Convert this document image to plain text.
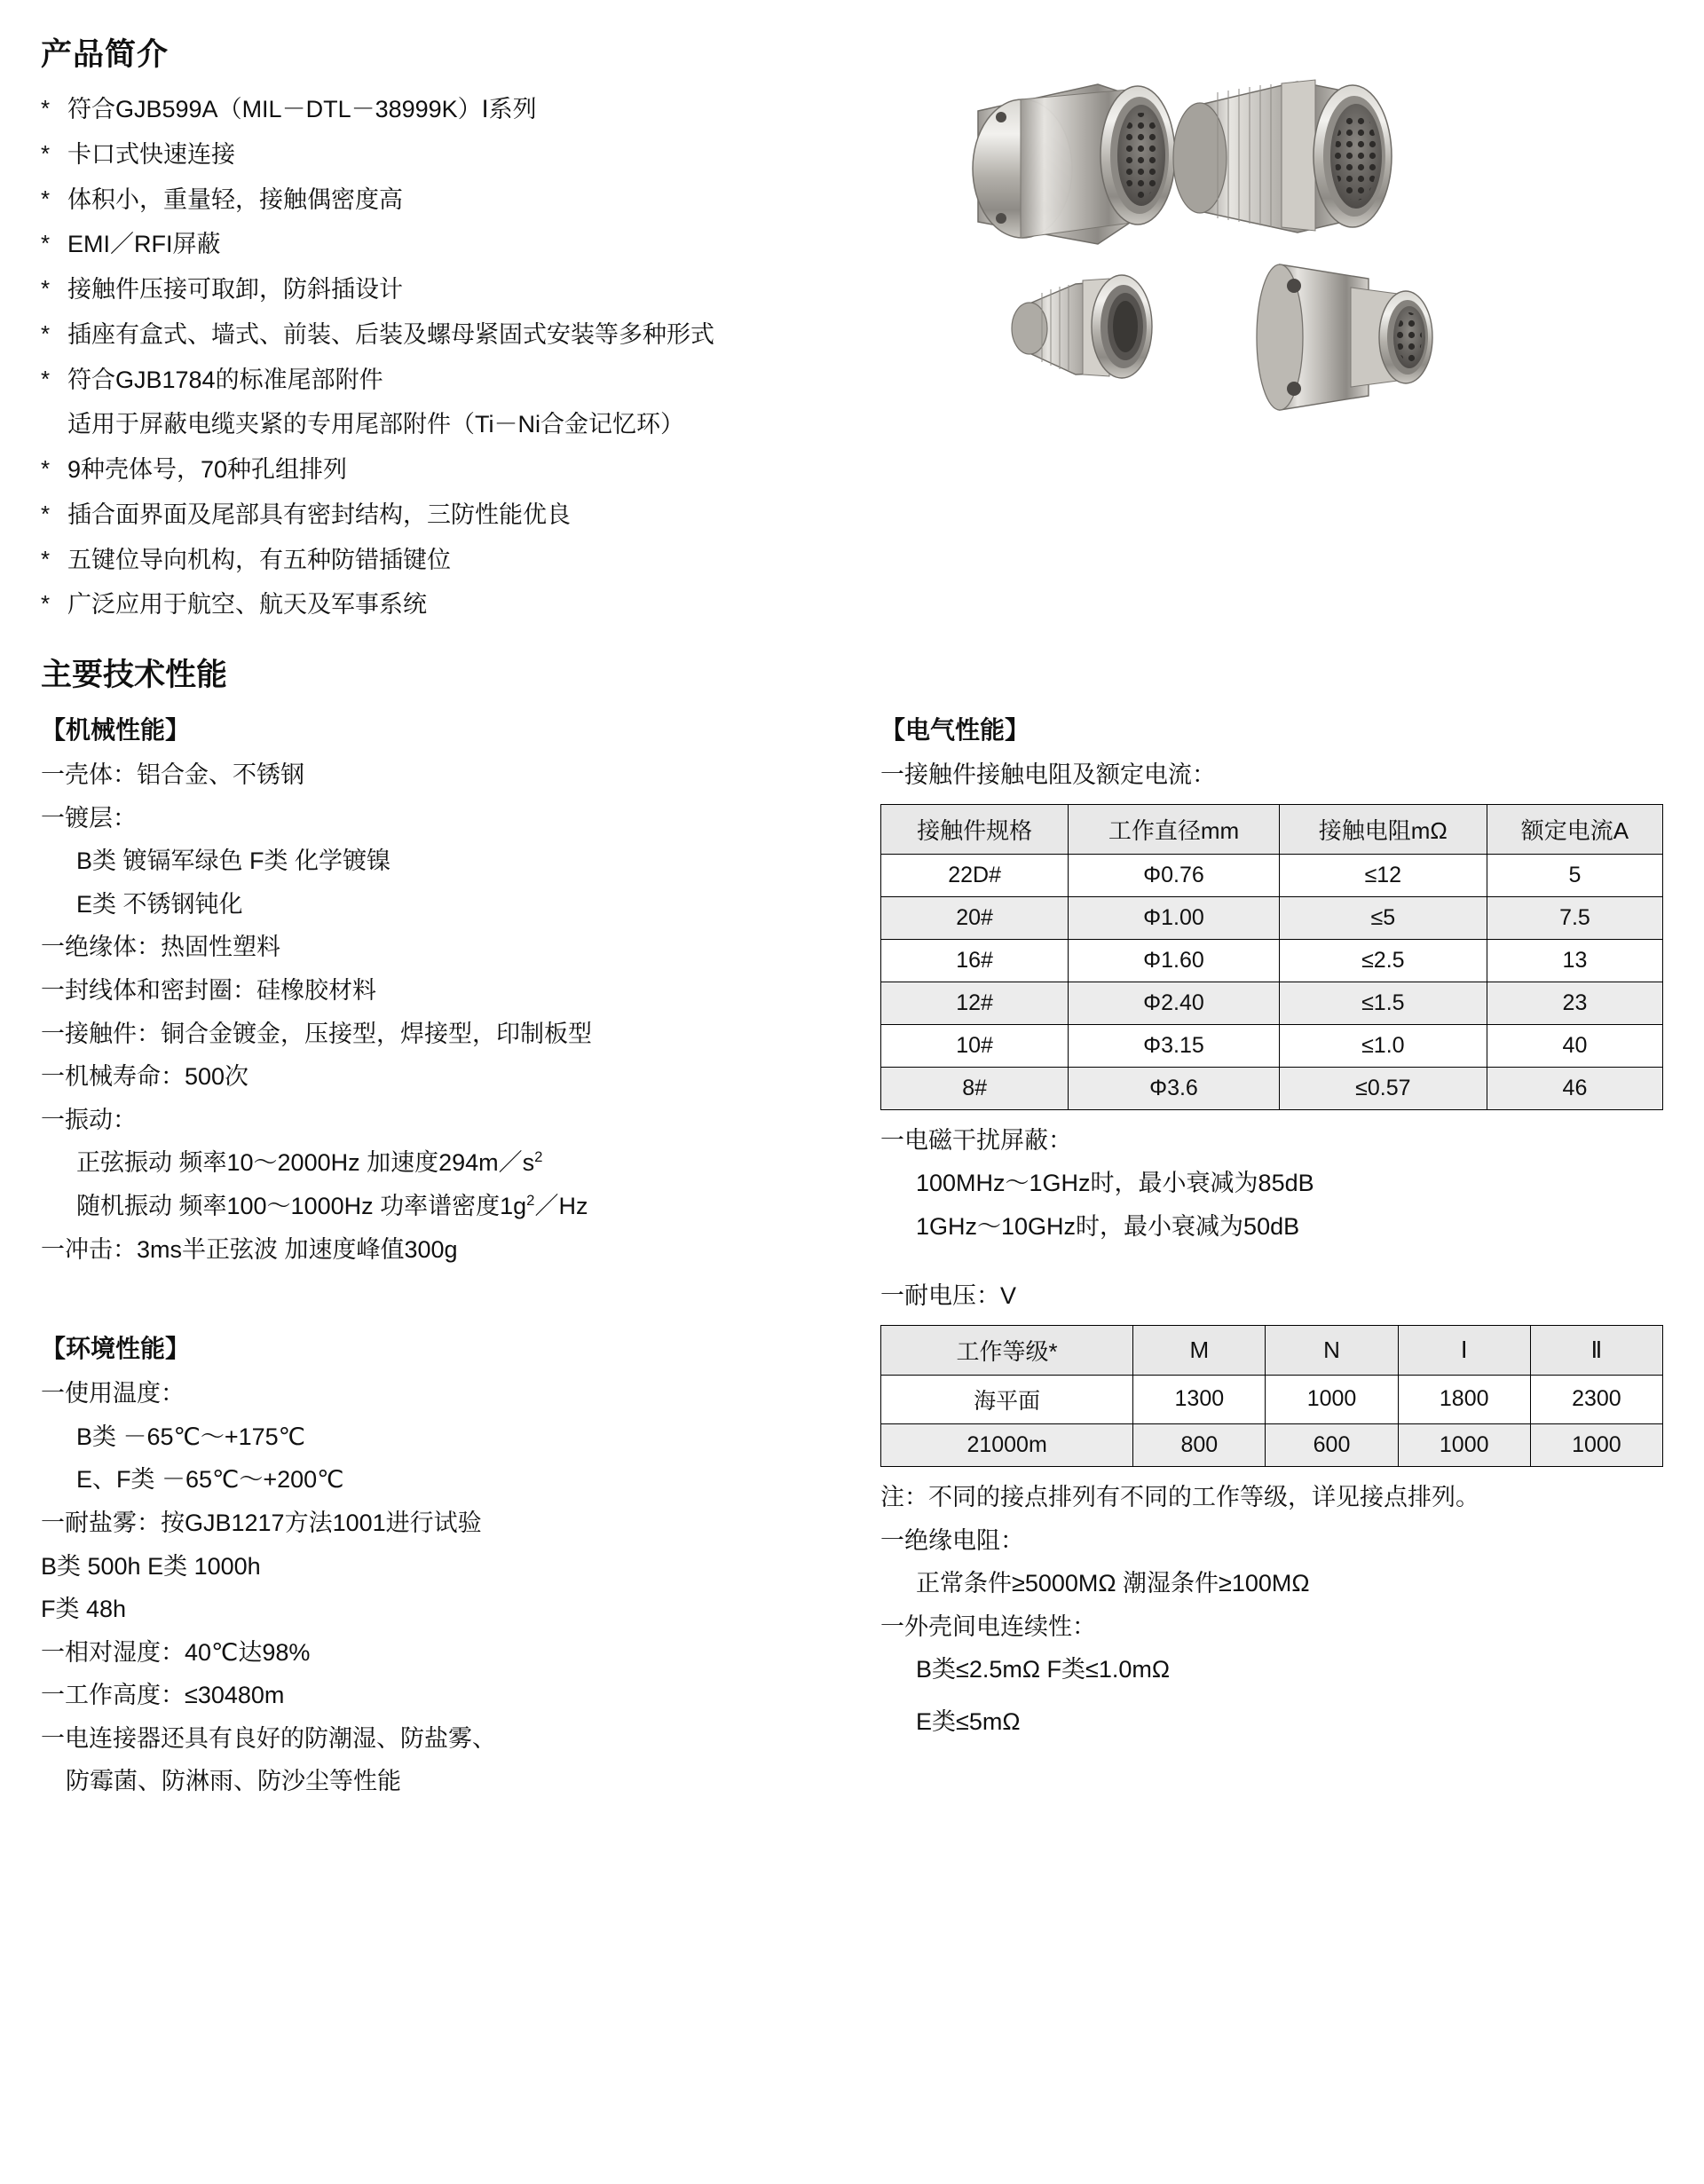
产品简介
* 符合GJB599A（MIL－DTL－38999K）Ⅰ系列
* 卡口式快速连接
* 体积小，重量轻，接触偶密度高
* EMI／RFI屏蔽
* 接触件压接可取卸，防斜插设计
* 插座有盒式、墙式、前装、后装及螺母紧固式安装等多种形式
* 符合GJB1784的标准尾部附件
适用于屏蔽电缆夹紧的专用尾部附件（Ti－Ni合金记忆环）
* 9种壳体号，70种孔组排列
* 插合面界面及尾部具有密封结构，三防性能优良
* 五键位导向机构，有五种防错插键位
* 广泛应用于航空、航天及军事系统
主要技术性能
【机械性能】
一壳体：铝合金、不锈钢
一镀层：
B类 镀镉军绿色 F类 化学镀镍
E类 不锈钢钝化
一绝缘体：热固性塑料
一封线体和密封圈：硅橡胶材料
一接触件：铜合金镀金，压接型，焊接型，印制板型
一机械寿命：500次
一振动：
正弦振动 频率10～2000Hz 加速度$294m/s^2$
随机振动 频率100～1000Hz 功率谱密度$1g^2/Hz$
一冲击：3ms半正弦波 加速度峰值300g
【环境性能】
一使用温度：
B类 －65℃～+175℃
E、F类 －65℃～+200℃
一耐盐雾：按GJB1217方法1001进行试验
B类 500h E类 1000h
F类 48h
一相对湿度：40℃达98%
一工作高度：≤30480m
一电连接器还具有良好的防潮湿、防盐雾、
防霉菌、防淋雨、防沙尘等性能
【电气性能】
一接触件接触电阻及额定电流：
接触件规格	工作直径mm	接触电阻mΩ	额定电流A
22D#	Φ0.76	≤12	5
20#	Φ1.00	≤5	7.5
16#	Φ1.60	≤2.5	13
12#	Φ2.40	≤1.5	23
10#	Φ3.15	≤1.0	40
8#	Φ3.6	≤0.57	46
一电磁干扰屏蔽：
100MHz～1GHz时，最小衰减为85dB
1GHz～10GHz时，最小衰减为50dB
一耐电压：V
工作等级*	M	N	Ⅰ	Ⅱ
海平面	1300	1000	1800	2300
21000m	800	600	1000	1000
注：不同的接点排列有不同的工作等级，详见接点排列。
一绝缘电阻：
正常条件≥5000MΩ 潮湿条件≥100MΩ
一外壳间电连续性：
B类≤2.5mΩ F类≤1.0mΩ
E类≤5mΩ
